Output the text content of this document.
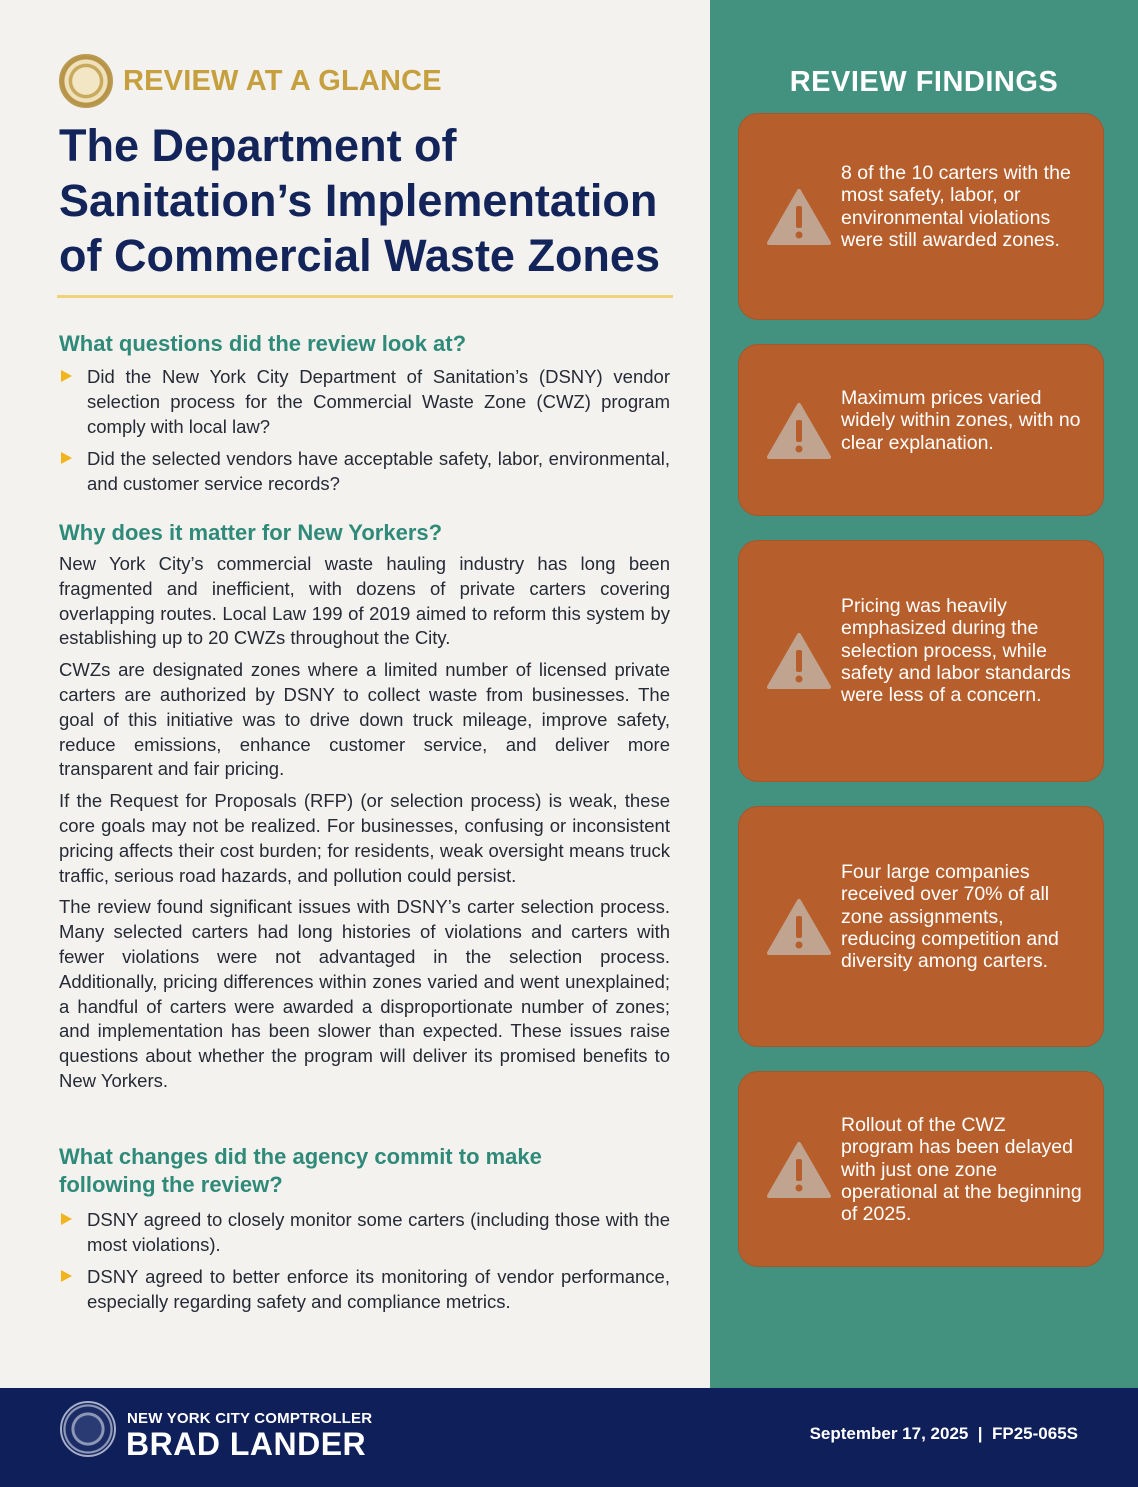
REVIEW AT A GLANCE
The Department of Sanitation’s Implementation of Commercial Waste Zones
What questions did the review look at?
Did the New York City Department of Sanitation’s (DSNY) vendor selection process for the Commercial Waste Zone (CWZ) program comply with local law?
Did the selected vendors have acceptable safety, labor, environmental, and customer service records?
Why does it matter for New Yorkers?

New York City’s commercial waste hauling industry has long been fragmented and inefficient, with dozens of private carters covering overlapping routes. Local Law 199 of 2019 aimed to reform this system by establishing up to 20 CWZs throughout the City.

CWZs are designated zones where a limited number of licensed private carters are authorized by DSNY to collect waste from businesses. The goal of this initiative was to drive down truck mileage, improve safety, reduce emissions, enhance customer service, and deliver more transparent and fair pricing.

If the Request for Proposals (RFP) (or selection process) is weak, these core goals may not be realized. For businesses, confusing or inconsistent pricing affects their cost burden; for residents, weak oversight means truck traffic, serious road hazards, and pollution could persist.

The review found significant issues with DSNY’s carter selection process. Many selected carters had long histories of violations and carters with fewer violations were not advantaged in the selection process. Additionally, pricing differences within zones varied and went unexplained; a handful of carters were awarded a disproportionate number of zones; and implementation has been slower than expected. These issues raise questions about whether the program will deliver its promised benefits to New Yorkers.

What changes did the agency commit to make following the review?
DSNY agreed to closely monitor some carters (including those with the most violations).
DSNY agreed to better enforce its monitoring of vendor performance, especially regarding safety and compliance metrics.
REVIEW FINDINGS
8 of the 10 carters with the most safety, labor, or environmental violations were still awarded zones.
Maximum prices varied widely within zones, with no clear explanation.
Pricing was heavily emphasized during the selection process, while safety and labor standards were less of a concern.
Four large companies received over 70% of all zone assignments, reducing competition and diversity among carters.
Rollout of the CWZ program has been delayed with just one zone operational at the beginning of 2025.
NEW YORK CITY COMPTROLLER
BRAD LANDER	September 17, 2025  |  FP25-065S
